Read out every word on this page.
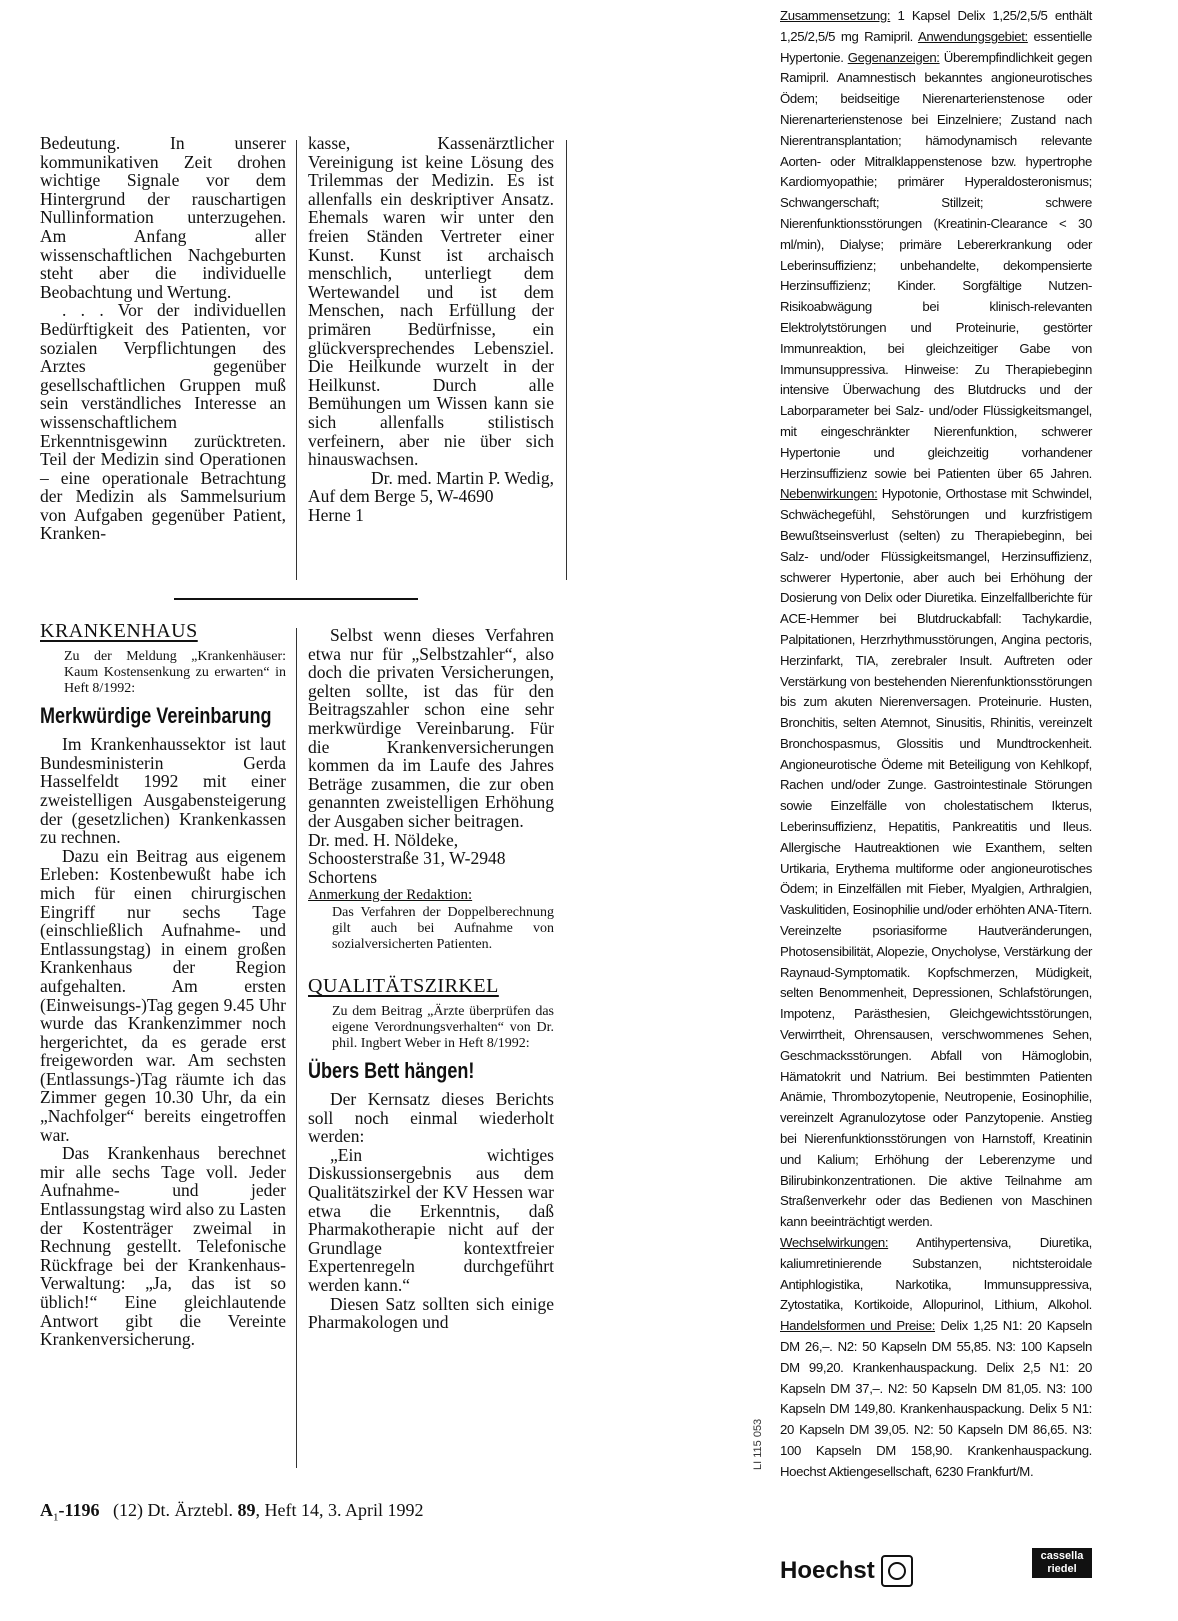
Bedeutung. In unserer kommunikativen Zeit drohen wichtige Signale vor dem Hintergrund der rauschartigen Nullinformation unterzugehen. Am Anfang aller wissenschaftlichen Nachgeburten steht aber die individuelle Beobachtung und Wertung.

. . . Vor der individuellen Bedürftigkeit des Patienten, vor sozialen Verpflichtungen des Arztes gegenüber gesellschaftlichen Gruppen muß sein verständliches Interesse an wissenschaftlichem Erkenntnisgewinn zurücktreten. Teil der Medizin sind Operationen – eine operationale Betrachtung der Medizin als Sammelsurium von Aufgaben gegenüber Patient, Kranken-

kasse, Kassenärztlicher Vereinigung ist keine Lösung des Trilemmas der Medizin. Es ist allenfalls ein deskriptiver Ansatz. Ehemals waren wir unter den freien Ständen Vertreter einer Kunst. Kunst ist archaisch menschlich, unterliegt dem Wertewandel und ist dem Menschen, nach Erfüllung der primären Bedürfnisse, ein glückversprechendes Lebensziel. Die Heilkunde wurzelt in der Heilkunst. Durch alle Bemühungen um Wissen kann sie sich allenfalls stilistisch verfeinern, aber nie über sich hinauswachsen.

Dr. med. Martin P. Wedig,

Auf dem Berge 5, W-4690

Herne 1

KRANKENHAUS
Zu der Meldung „Krankenhäuser: Kaum Kostensenkung zu erwarten“ in Heft 8/1992:
Merkwürdige Vereinbarung

Im Krankenhaussektor ist laut Bundesministerin Gerda Hasselfeldt 1992 mit einer zweistelligen Ausgabensteigerung der (gesetzlichen) Krankenkassen zu rechnen.

Dazu ein Beitrag aus eigenem Erleben: Kostenbewußt habe ich mich für einen chirurgischen Eingriff nur sechs Tage (einschließlich Aufnahme- und Entlassungstag) in einem großen Krankenhaus der Region aufgehalten. Am ersten (Einweisungs-)Tag gegen 9.45 Uhr wurde das Krankenzimmer noch hergerichtet, da es gerade erst freigeworden war. Am sechsten (Entlassungs-)Tag räumte ich das Zimmer gegen 10.30 Uhr, da ein „Nachfolger“ bereits eingetroffen war.

Das Krankenhaus berechnet mir alle sechs Tage voll. Jeder Aufnahme- und jeder Entlassungstag wird also zu Lasten der Kostenträger zweimal in Rechnung gestellt. Telefonische Rückfrage bei der Krankenhaus-Verwaltung: „Ja, das ist so üblich!“ Eine gleichlautende Antwort gibt die Vereinte Krankenversicherung.

Selbst wenn dieses Verfahren etwa nur für „Selbstzahler“, also doch die privaten Versicherungen, gelten sollte, ist das für den Beitragszahler schon eine sehr merkwürdige Vereinbarung. Für die Krankenversicherungen kommen da im Laufe des Jahres Beträge zusammen, die zur oben genannten zweistelligen Erhöhung der Ausgaben sicher beitragen.

Dr. med. H. Nöldeke,

Schoosterstraße 31, W-2948

Schortens

Anmerkung der Redaktion:
Das Verfahren der Doppelberechnung gilt auch bei Aufnahme von sozialversicherten Patienten.
QUALITÄTSZIRKEL
Zu dem Beitrag „Ärzte überprüfen das eigene Verordnungsverhalten“ von Dr. phil. Ingbert Weber in Heft 8/1992:
Übers Bett hängen!

Der Kernsatz dieses Berichts soll noch einmal wiederholt werden:

„Ein wichtiges Diskussionsergebnis aus dem Qualitätszirkel der KV Hessen war etwa die Erkenntnis, daß Pharmakotherapie nicht auf der Grundlage kontextfreier Expertenregeln durchgeführt werden kann.“

Diesen Satz sollten sich einige Pharmakologen und

Zusammensetzung: 1 Kapsel Delix 1,25/2,5/5 enthält 1,25/2,5/5 mg Ramipril. Anwendungsgebiet: essentielle Hypertonie. Gegenanzeigen: Überempfindlichkeit gegen Ramipril. Anamnestisch bekanntes angioneurotisches Ödem; beidseitige Nierenarterienstenose oder Nierenarterienstenose bei Einzelniere; Zustand nach Nierentransplantation; hämodynamisch relevante Aorten- oder Mitralklappenstenose bzw. hypertrophe Kardiomyopathie; primärer Hyperaldosteronismus; Schwangerschaft; Stillzeit; schwere Nierenfunktionsstörungen (Kreatinin-Clearance < 30 ml/min), Dialyse; primäre Lebererkrankung oder Leberinsuffizienz; unbehandelte, dekompensierte Herzinsuffizienz; Kinder. Sorgfältige Nutzen-Risikoabwägung bei klinisch-relevanten Elektrolytstörungen und Proteinurie, gestörter Immunreaktion, bei gleichzeitiger Gabe von Immunsuppressiva. Hinweise: Zu Therapiebeginn intensive Überwachung des Blutdrucks und der Laborparameter bei Salz- und/oder Flüssigkeitsmangel, mit eingeschränkter Nierenfunktion, schwerer Hypertonie und gleichzeitig vorhandener Herzinsuffizienz sowie bei Patienten über 65 Jahren. Nebenwirkungen: Hypotonie, Orthostase mit Schwindel, Schwächegefühl, Sehstörungen und kurzfristigem Bewußtseinsverlust (selten) zu Therapiebeginn, bei Salz- und/oder Flüssigkeitsmangel, Herzinsuffizienz, schwerer Hypertonie, aber auch bei Erhöhung der Dosierung von Delix oder Diuretika. Einzelfallberichte für ACE-Hemmer bei Blutdruckabfall: Tachykardie, Palpitationen, Herzrhythmusstörungen, Angina pectoris, Herzinfarkt, TIA, zerebraler Insult. Auftreten oder Verstärkung von bestehenden Nierenfunktionsstörungen bis zum akuten Nierenversagen. Proteinurie. Husten, Bronchitis, selten Atemnot, Sinusitis, Rhinitis, vereinzelt Bronchospasmus, Glossitis und Mundtrockenheit. Angioneurotische Ödeme mit Beteiligung von Kehlkopf, Rachen und/oder Zunge. Gastrointestinale Störungen sowie Einzelfälle von cholestatischem Ikterus, Leberinsuffizienz, Hepatitis, Pankreatitis und Ileus. Allergische Hautreaktionen wie Exanthem, selten Urtikaria, Erythema multiforme oder angioneurotisches Ödem; in Einzelfällen mit Fieber, Myalgien, Arthralgien, Vaskulitiden, Eosinophilie und/oder erhöhten ANA-Titern. Vereinzelte psoriasiforme Hautveränderungen, Photosensibilität, Alopezie, Onycholyse, Verstärkung der Raynaud-Symptomatik. Kopfschmerzen, Müdigkeit, selten Benommenheit, Depressionen, Schlafstörungen, Impotenz, Parästhesien, Gleichgewichtsstörungen, Verwirrtheit, Ohrensausen, verschwommenes Sehen, Geschmacksstörungen. Abfall von Hämoglobin, Hämatokrit und Natrium. Bei bestimmten Patienten Anämie, Thrombozytopenie, Neutropenie, Eosinophilie, vereinzelt Agranulozytose oder Panzytopenie. Anstieg bei Nierenfunktionsstörungen von Harnstoff, Kreatinin und Kalium; Erhöhung der Leberenzyme und Bilirubinkonzentrationen. Die aktive Teilnahme am Straßenverkehr oder das Bedienen von Maschinen kann beeinträchtigt werden.
Wechselwirkungen: Antihypertensiva, Diuretika, kaliumretinierende Substanzen, nichtsteroidale Antiphlogistika, Narkotika, Immunsuppressiva, Zytostatika, Kortikoide, Allopurinol, Lithium, Alkohol. Handelsformen und Preise: Delix 1,25 N1: 20 Kapseln DM 26,–. N2: 50 Kapseln DM 55,85. N3: 100 Kapseln DM 99,20. Krankenhauspackung. Delix 2,5 N1: 20 Kapseln DM 37,–. N2: 50 Kapseln DM 81,05. N3: 100 Kapseln DM 149,80. Krankenhauspackung. Delix 5 N1: 20 Kapseln DM 39,05. N2: 50 Kapseln DM 86,65. N3: 100 Kapseln DM 158,90. Krankenhauspackung. Hoechst Aktiengesellschaft, 6230 Frankfurt/M.
LI 115 053
Hoechst
cassella
riedel
$A_1-1196$ (12) Dt. Ärztebl. 89, Heft 14, 3. April 1992
